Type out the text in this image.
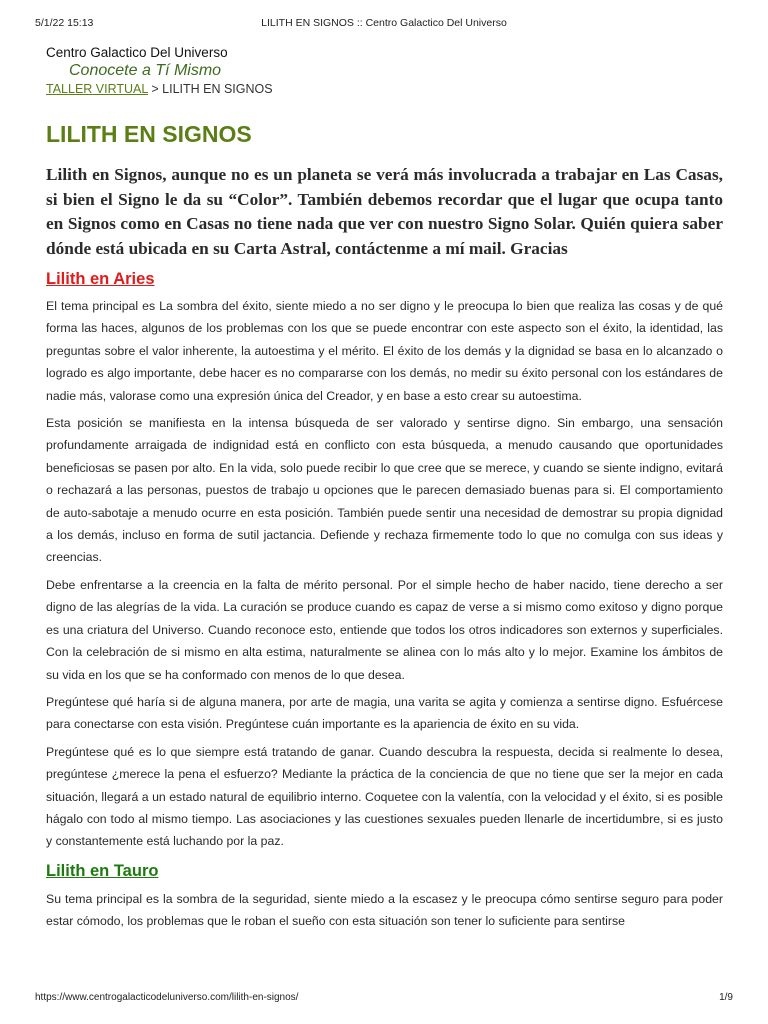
5/1/22 15:13	LILITH EN SIGNOS :: Centro Galactico Del Universo
Centro Galactico Del Universo
Conocete a Tí Mismo
TALLER VIRTUAL > LILITH EN SIGNOS
LILITH EN SIGNOS

Lilith en Signos, aunque no es un planeta se verá más involucrada a trabajar en Las Casas, si bien el Signo le da su “Color”. También debemos recordar que el lugar que ocupa tanto en Signos como en Casas no tiene nada que ver con nuestro Signo Solar. Quién quiera saber dónde está ubicada en su Carta Astral, contáctenme a mí mail. Gracias

Lilith en Aries

El tema principal es La sombra del éxito, siente miedo a no ser digno y le preocupa lo bien que realiza las cosas y de qué forma las haces, algunos de los problemas con los que se puede encontrar con este aspecto son el éxito, la identidad, las preguntas sobre el valor inherente, la autoestima y el mérito. El éxito de los demás y la dignidad se basa en lo alcanzado o logrado es algo importante, debe hacer es no compararse con los demás, no medir su éxito personal con los estándares de nadie más, valorase como una expresión única del Creador, y en base a esto crear su autoestima.

Esta posición se manifiesta en la intensa búsqueda de ser valorado y sentirse digno. Sin embargo, una sensación profundamente arraigada de indignidad está en conflicto con esta búsqueda, a menudo causando que oportunidades beneficiosas se pasen por alto. En la vida, solo puede recibir lo que cree que se merece, y cuando se siente indigno, evitará o rechazará a las personas, puestos de trabajo u opciones que le parecen demasiado buenas para si. El comportamiento de auto-sabotaje a menudo ocurre en esta posición. También puede sentir una necesidad de demostrar su propia dignidad a los demás, incluso en forma de sutil jactancia. Defiende y rechaza firmemente todo lo que no comulga con sus ideas y creencias.

Debe enfrentarse a la creencia en la falta de mérito personal. Por el simple hecho de haber nacido, tiene derecho a ser digno de las alegrías de la vida. La curación se produce cuando es capaz de verse a si mismo como exitoso y digno porque es una criatura del Universo. Cuando reconoce esto, entiende que todos los otros indicadores son externos y superficiales. Con la celebración de si mismo en alta estima, naturalmente se alinea con lo más alto y lo mejor. Examine los ámbitos de su vida en los que se ha conformado con menos de lo que desea.

Pregúntese qué haría si de alguna manera, por arte de magia, una varita se agita y comienza a sentirse digno. Esfuércese para conectarse con esta visión. Pregúntese cuán importante es la apariencia de éxito en su vida.

Pregúntese qué es lo que siempre está tratando de ganar. Cuando descubra la respuesta, decida si realmente lo desea, pregúntese ¿merece la pena el esfuerzo? Mediante la práctica de la conciencia de que no tiene que ser la mejor en cada situación, llegará a un estado natural de equilibrio interno. Coquetee con la valentía, con la velocidad y el éxito, si es posible hágalo con todo al mismo tiempo. Las asociaciones y las cuestiones sexuales pueden llenarle de incertidumbre, si es justo y constantemente está luchando por la paz.

Lilith en Tauro

Su tema principal es la sombra de la seguridad, siente miedo a la escasez y le preocupa cómo sentirse seguro para poder estar cómodo, los problemas que le roban el sueño con esta situación son tener lo suficiente para sentirse

https://www.centrogalacticodeluniverso.com/lilith-en-signos/	1/9
